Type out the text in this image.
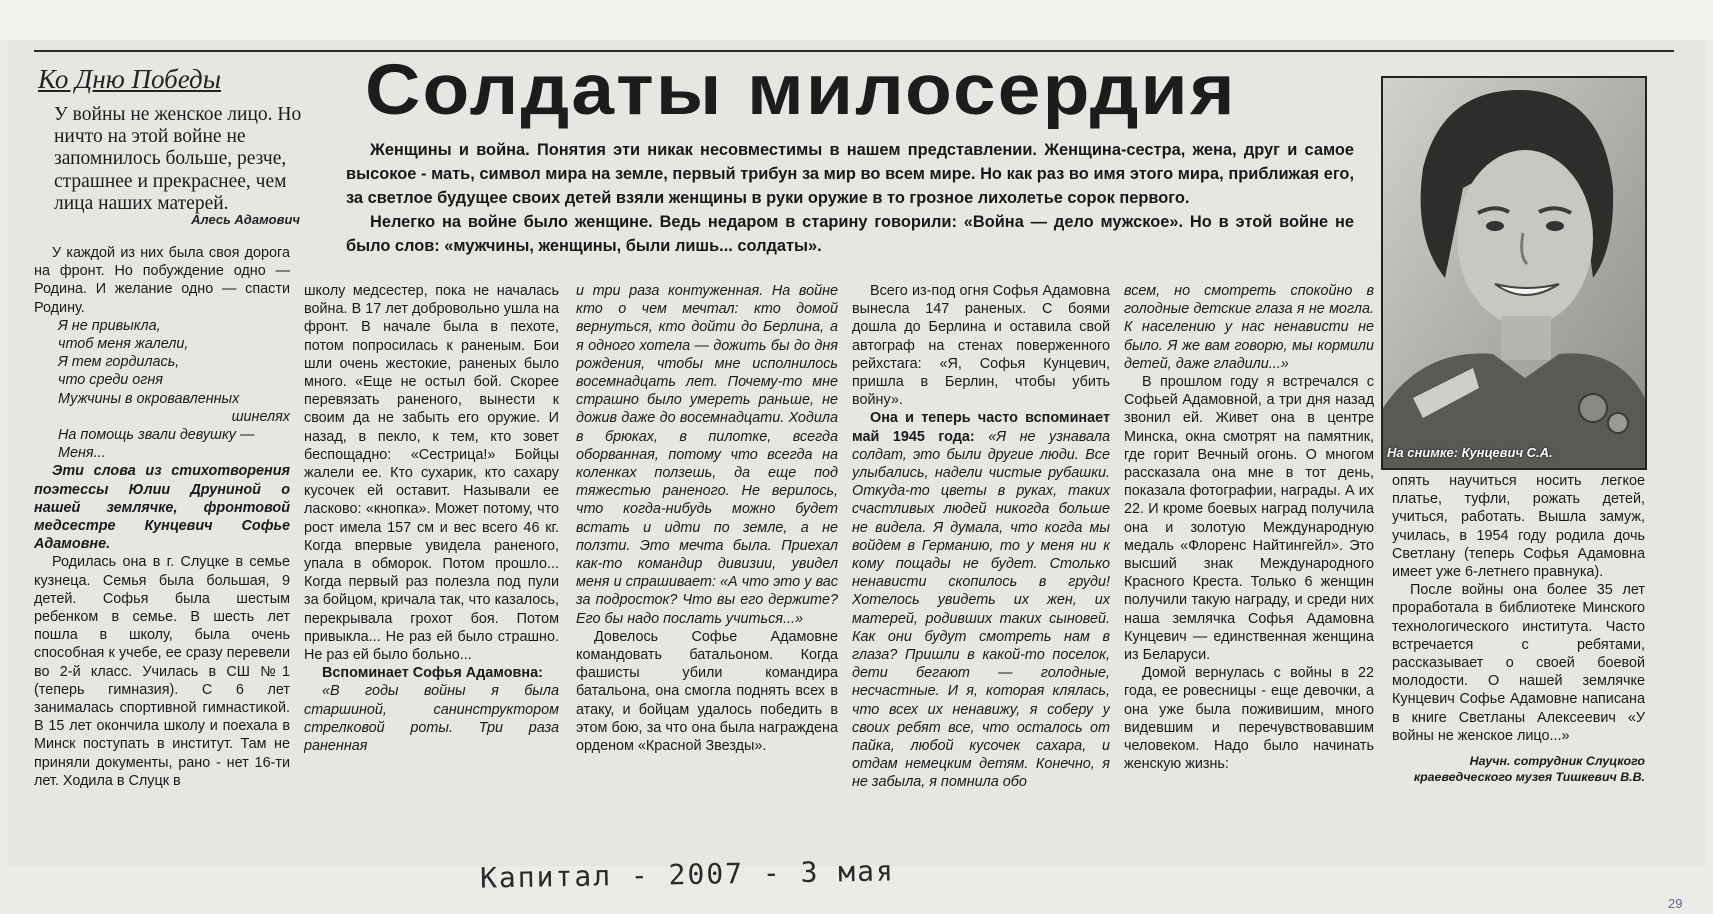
Ко Дню Победы
У войны не женское лицо. Но ничто на этой войне не запомнилось больше, резче, страшнее и прекраснее, чем лица наших матерей.
Алесь Адамович
Солдаты милосердия

Женщины и война. Понятия эти никак несовместимы в нашем представлении. Женщина-сестра, жена, друг и самое высокое - мать, символ мира на земле, первый трибун за мир во всем мире. Но как раз во имя этого мира, приближая его, за светлое будущее своих детей взяли женщины в руки оружие в то грозное лихолетье сорок первого.

Нелегко на войне было женщине. Ведь недаром в старину говорили: «Война — дело мужское». Но в этой войне не было слов: «мужчины, женщины, были лишь... солдаты».

На снимке: Кунцевич С.А.

У каждой из них была своя дорога на фронт. Но побуждение одно — Родина. И желание одно — спасти Родину.

Я не привыкла,
чтоб меня жалели,
Я тем гордилась,
что среди огня
Мужчины в окровавленных
шинелях
На помощь звали девушку —
Меня...

Эти слова из стихотворения поэтессы Юлии Друниной о нашей землячке, фронтовой медсестре Кунцевич Софье Адамовне.

Родилась она в г. Слуцке в семье кузнеца. Семья была большая, 9 детей. Софья была шестым ребенком в семье. В шесть лет пошла в школу, была очень способная к учебе, ее сразу перевели во 2-й класс. Училась в СШ №1 (теперь гимназия). С 6 лет занималась спортивной гимнастикой. В 15 лет окончила школу и поехала в Минск поступать в институт. Там не приняли документы, рано - нет 16-ти лет. Ходила в Слуцк в

школу медсестер, пока не началась война. В 17 лет добровольно ушла на фронт. В начале была в пехоте, потом попросилась к раненым. Бои шли очень жестокие, раненых было много. «Еще не остыл бой. Скорее перевязать раненого, вынести к своим да не забыть его оружие. И назад, в пекло, к тем, кто зовет беспощадно: «Сестрица!» Бойцы жалели ее. Кто сухарик, кто сахару кусочек ей оставит. Называли ее ласково: «кнопка». Может потому, что рост имела 157 см и вес всего 46 кг. Когда впервые увидела раненого, упала в обморок. Потом прошло... Когда первый раз полезла под пули за бойцом, кричала так, что казалось, перекрывала грохот боя. Потом привыкла... Не раз ей было страшно. Не раз ей было больно...

Вспоминает Софья Адамовна:

«В годы войны я была старшиной, санинструктором стрелковой роты. Три раза раненная

и три раза контуженная. На войне кто о чем мечтал: кто домой вернуться, кто дойти до Берлина, а я одного хотела — дожить бы до дня рождения, чтобы мне исполнилось восемнадцать лет. Почему-то мне страшно было умереть раньше, не дожив даже до восемнадцати. Ходила в брюках, в пилотке, всегда оборванная, потому что всегда на коленках ползешь, да еще под тяжестью раненого. Не верилось, что когда-нибудь можно будет встать и идти по земле, а не ползти. Это мечта была. Приехал как-то командир дивизии, увидел меня и спрашивает: «А что это у вас за подросток? Что вы его держите? Его бы надо послать учиться...»

Довелось Софье Адамовне командовать батальоном. Когда фашисты убили командира батальона, она смогла поднять всех в атаку, и бойцам удалось победить в этом бою, за что она была награждена орденом «Красной Звезды».

Всего из-под огня Софья Адамовна вынесла 147 раненых. С боями дошла до Берлина и оставила свой автограф на стенах поверженного рейхстага: «Я, Софья Кунцевич, пришла в Берлин, чтобы убить войну».

Она и теперь часто вспоминает май 1945 года: «Я не узнавала солдат, это были другие люди. Все улыбались, надели чистые рубашки. Откуда-то цветы в руках, таких счастливых людей никогда больше не видела. Я думала, что когда мы войдем в Германию, то у меня ни к кому пощады не будет. Столько ненависти скопилось в груди! Хотелось увидеть их жен, их матерей, родивших таких сыновей. Как они будут смотреть нам в глаза? Пришли в какой-то поселок, дети бегают — голодные, несчастные. И я, которая клялась, что всех их ненавижу, я соберу у своих ребят все, что осталось от пайка, любой кусочек сахара, и отдам немецким детям. Конечно, я не забыла, я помнила обо

всем, но смотреть спокойно в голодные детские глаза я не могла. К населению у нас ненависти не было. Я же вам говорю, мы кормили детей, даже гладили...»

В прошлом году я встречался с Софьей Адамовной, а три дня назад звонил ей. Живет она в центре Минска, окна смотрят на памятник, где горит Вечный огонь. О многом рассказала она мне в тот день, показала фотографии, награды. А их 22. И кроме боевых наград получила она и золотую Международную медаль «Флоренс Найтингейл». Это высший знак Международного Красного Креста. Только 6 женщин получили такую награду, и среди них наша землячка Софья Адамовна Кунцевич — единственная женщина из Беларуси.

Домой вернулась с войны в 22 года, ее ровесницы - еще девочки, а она уже была поживишим, много видевшим и перечувствовавшим человеком. Надо было начинать женскую жизнь:

опять научиться носить легкое платье, туфли, рожать детей, учиться, работать. Вышла замуж, училась, в 1954 году родила дочь Светлану (теперь Софья Адамовна имеет уже 6-летнего правнука).

После войны она более 35 лет проработала в библиотеке Минского технологического института. Часто встречается с ребятами, рассказывает о своей боевой молодости. О нашей землячке Кунцевич Софье Адамовне написана в книге Светланы Алексеевич «У войны не женское лицо...»

Научн. сотрудник Слуцкого
краеведческого музея Тишкевич В.В.
Капитал - 2007 - 3 мая
29
